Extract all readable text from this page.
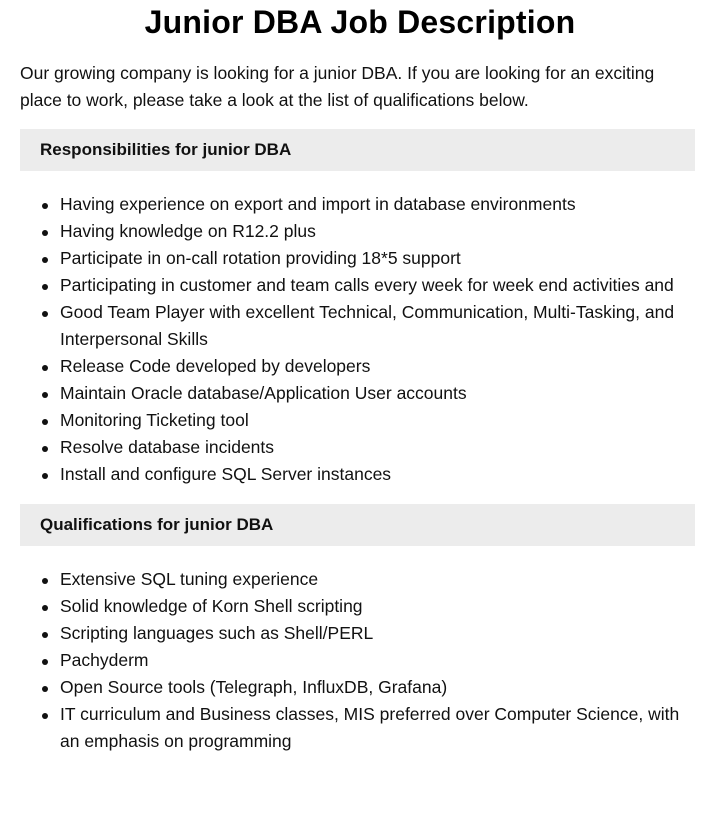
Junior DBA Job Description

Our growing company is looking for a junior DBA. If you are looking for an exciting place to work, please take a look at the list of qualifications below.

Responsibilities for junior DBA
Having experience on export and import in database environments
Having knowledge on R12.2 plus
Participate in on-call rotation providing 18*5 support
Participating in customer and team calls every week for week end activities and
Good Team Player with excellent Technical, Communication, Multi-Tasking, and Interpersonal Skills
Release Code developed by developers
Maintain Oracle database/Application User accounts
Monitoring Ticketing tool
Resolve database incidents
Install and configure SQL Server instances
Qualifications for junior DBA
Extensive SQL tuning experience
Solid knowledge of Korn Shell scripting
Scripting languages such as Shell/PERL
Pachyderm
Open Source tools (Telegraph, InfluxDB, Grafana)
IT curriculum and Business classes, MIS preferred over Computer Science, with an emphasis on programming
